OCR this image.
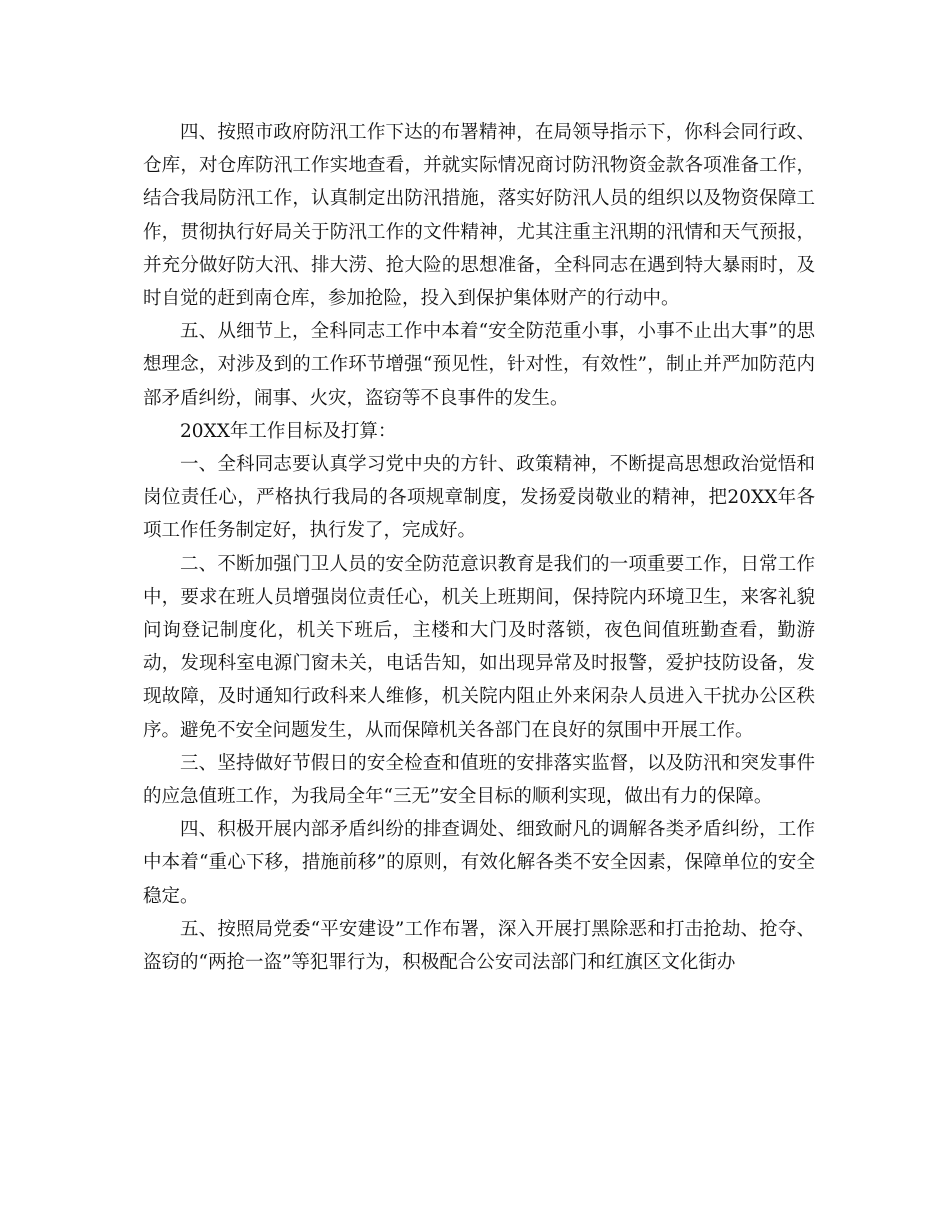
四、按照市政府防汛工作下达的布署精神，在局领导指示下，你科会同行政、仓库，对仓库防汛工作实地查看，并就实际情况商讨防汛物资金款各项准备工作，结合我局防汛工作，认真制定出防汛措施，落实好防汛人员的组织以及物资保障工作，贯彻执行好局关于防汛工作的文件精神，尤其注重主汛期的汛情和天气预报，并充分做好防大汛、排大涝、抢大险的思想准备，全科同志在遇到特大暴雨时，及时自觉的赶到南仓库，参加抢险，投入到保护集体财产的行动中。

五、从细节上，全科同志工作中本着“安全防范重小事，小事不止出大事”的思想理念，对涉及到的工作环节增强“预见性，针对性，有效性”，制止并严加防范内部矛盾纠纷，闹事、火灾，盗窃等不良事件的发生。

20XX年工作目标及打算：

一、全科同志要认真学习党中央的方针、政策精神，不断提高思想政治觉悟和岗位责任心，严格执行我局的各项规章制度，发扬爱岗敬业的精神，把20XX年各项工作任务制定好，执行发了，完成好。

二、不断加强门卫人员的安全防范意识教育是我们的一项重要工作，日常工作中，要求在班人员增强岗位责任心，机关上班期间，保持院内环境卫生，来客礼貌问询登记制度化，机关下班后，主楼和大门及时落锁，夜色间值班勤查看，勤游动，发现科室电源门窗未关，电话告知，如出现异常及时报警，爱护技防设备，发现故障，及时通知行政科来人维修，机关院内阻止外来闲杂人员进入干扰办公区秩序。避免不安全问题发生，从而保障机关各部门在良好的氛围中开展工作。

三、坚持做好节假日的安全检查和值班的安排落实监督，以及防汛和突发事件的应急值班工作，为我局全年“三无”安全目标的顺利实现，做出有力的保障。

四、积极开展内部矛盾纠纷的排查调处、细致耐凡的调解各类矛盾纠纷，工作中本着“重心下移，措施前移”的原则，有效化解各类不安全因素，保障单位的安全稳定。

五、按照局党委“平安建设”工作布署，深入开展打黑除恶和打击抢劫、抢夺、盗窃的“两抢一盗”等犯罪行为，积极配合公安司法部门和红旗区文化街办
